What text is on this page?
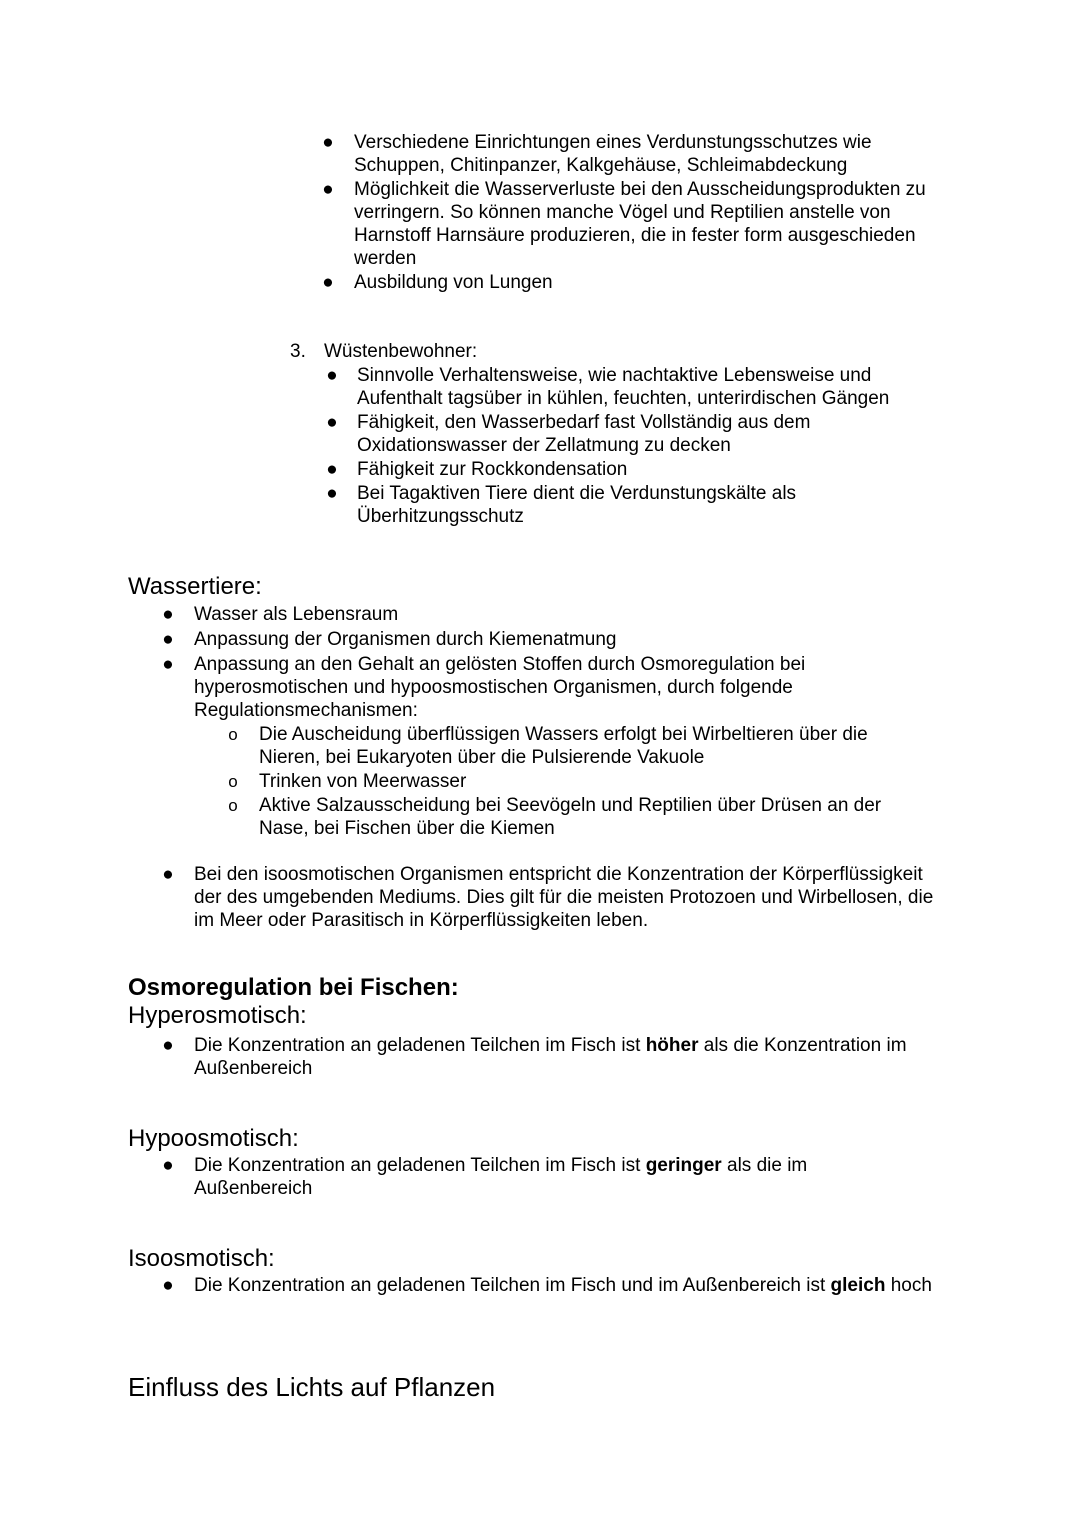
● Verschiedene Einrichtungen eines Verdunstungsschutzes wie Schuppen, Chitinpanzer, Kalkgehäuse, Schleimabdeckung
● Möglichkeit die Wasserverluste bei den Ausscheidungsprodukten zu verringern. So können manche Vögel und Reptilien anstelle von Harnstoff Harnsäure produzieren, die in fester form ausgeschieden werden
● Ausbildung von Lungen
3. Wüstenbewohner:
● Sinnvolle Verhaltensweise, wie nachtaktive Lebensweise und Aufenthalt tagsüber in kühlen, feuchten, unterirdischen Gängen
● Fähigkeit, den Wasserbedarf fast Vollständig aus dem Oxidationswasser der Zellatmung zu decken
● Fähigkeit zur Rockkondensation
● Bei Tagaktiven Tiere dient die Verdunstungskälte als Überhitzungsschutz
Wassertiere:
● Wasser als Lebensraum
● Anpassung der Organismen durch Kiemenatmung
● Anpassung an den Gehalt an gelösten Stoffen durch Osmoregulation bei hyperosmotischen und hypoosmostischen Organismen, durch folgende Regulationsmechanismen:
o Die Auscheidung überflüssigen Wassers erfolgt bei Wirbeltieren über die Nieren, bei Eukaryoten über die Pulsierende Vakuole
o Trinken von Meerwasser
o Aktive Salzausscheidung bei Seevögeln und Reptilien über Drüsen an der Nase, bei Fischen über die Kiemen
● Bei den isoosmotischen Organismen entspricht die Konzentration der Körperflüssigkeit der des umgebenden Mediums. Dies gilt für die meisten Protozoen und Wirbellosen, die im Meer oder Parasitisch in Körperflüssigkeiten leben.
Osmoregulation bei Fischen:
Hyperosmotisch:
● Die Konzentration an geladenen Teilchen im Fisch ist höher als die Konzentration im Außenbereich
Hypoosmotisch:
● Die Konzentration an geladenen Teilchen im Fisch ist geringer als die im Außenbereich
Isoosmotisch:
● Die Konzentration an geladenen Teilchen im Fisch und im Außenbereich ist gleich hoch
Einfluss des Lichts auf Pflanzen
